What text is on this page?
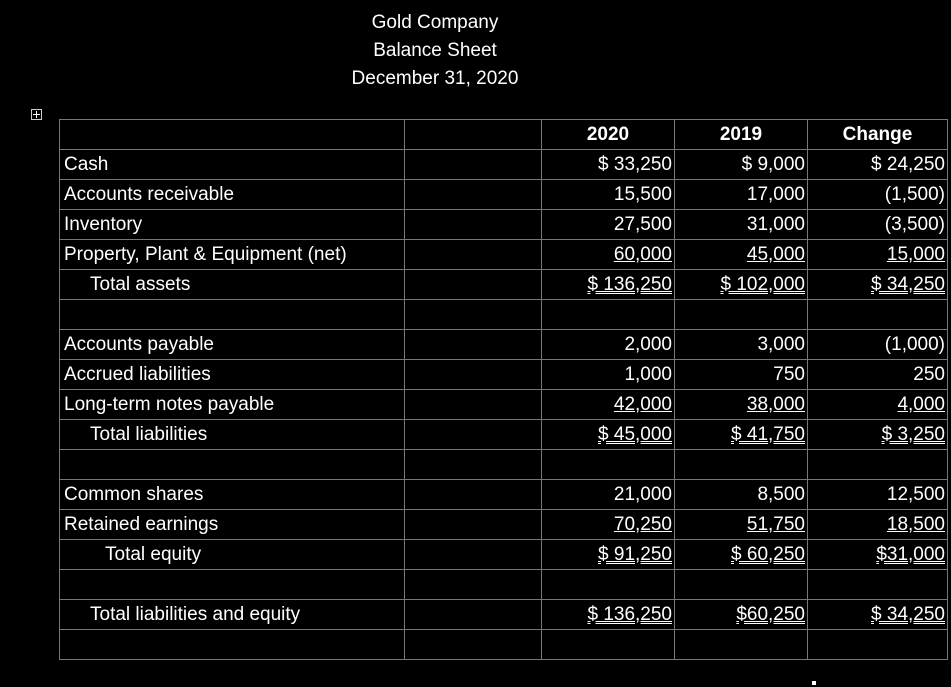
Gold Company
Balance Sheet
December 31, 2020
		2020	2019	Change
Cash		$ 33,250	$ 9,000	$ 24,250
Accounts receivable		15,500	17,000	(1,500)
Inventory		27,500	31,000	(3,500)
Property, Plant & Equipment (net)		60,000	45,000	15,000
Total assets		$ 136,250	$ 102,000	$ 34,250

Accounts payable		2,000	3,000	(1,000)
Accrued liabilities		1,000	750	250
Long-term notes payable		42,000	38,000	4,000
Total liabilities		$ 45,000	$ 41,750	$ 3,250

Common shares		21,000	8,500	12,500
Retained earnings		70,250	51,750	18,500
Total equity		$ 91,250	$ 60,250	$31,000

Total liabilities and equity		$ 136,250	$60,250	$ 34,250
